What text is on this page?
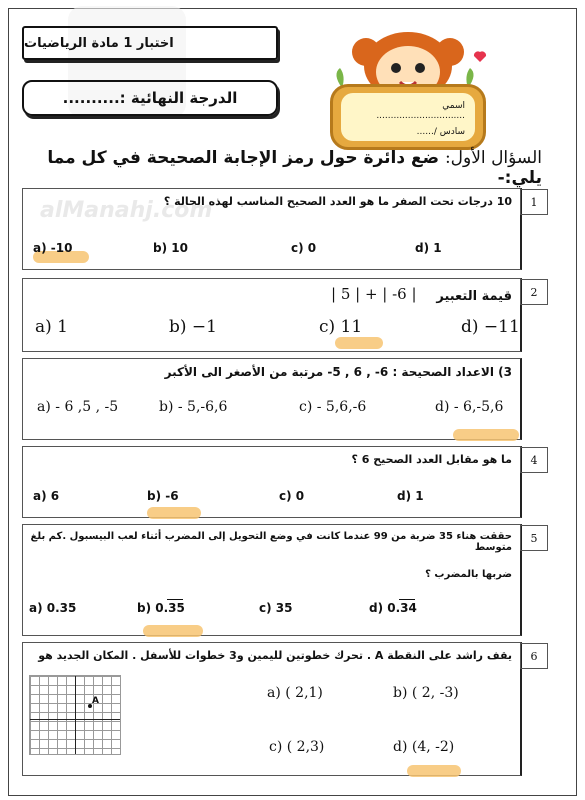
alManahj.com
اختبار 1 مادة الرياضيات
الدرجة النهائية :..........	اسمي ...............................
سادس /......
السؤال الأول: ضع دائرة حول رمز الإجابة الصحيحة في كل مما يلي:-
1
10 درجات تحت الصفر ما هو العدد الصحيح المناسب لهذه الحالة ؟
a) -10	b) 10	c) 0	d) 1
2
قيمة التعبير
| 5 | + | -6 |
a) 1	b) −1	c) 11	d) −11
3) الاعداد الصحيحة : 6- , 6 , 5- مرتبة من الأصغر الى الأكبر
a) - 6 ,5 , -5	b) - 5,-6,6	c) - 5,6,-6	d) - 6,-5,6
4
ما هو مقابل العدد الصحيح 6 ؟
a) 6	b) -6	c) 0	d) 1
5
حققت هناء 35 ضربة من 99 عندما كانت في وضع التحويل إلى المضرب أثناء لعب البيسبول .كم بلغ متوسط
ضربها بالمضرب ؟
a) 0.35	b) 0.35	c) 35	d) 0.34
6
يقف راشد على النقطة A . تحرك خطوتين لليمين و3 خطوات للأسفل . المكان الجديد هو
A	a) ( 2,1)	b) ( 2, -3)
c) ( 2,3)	d) (4, -2)
